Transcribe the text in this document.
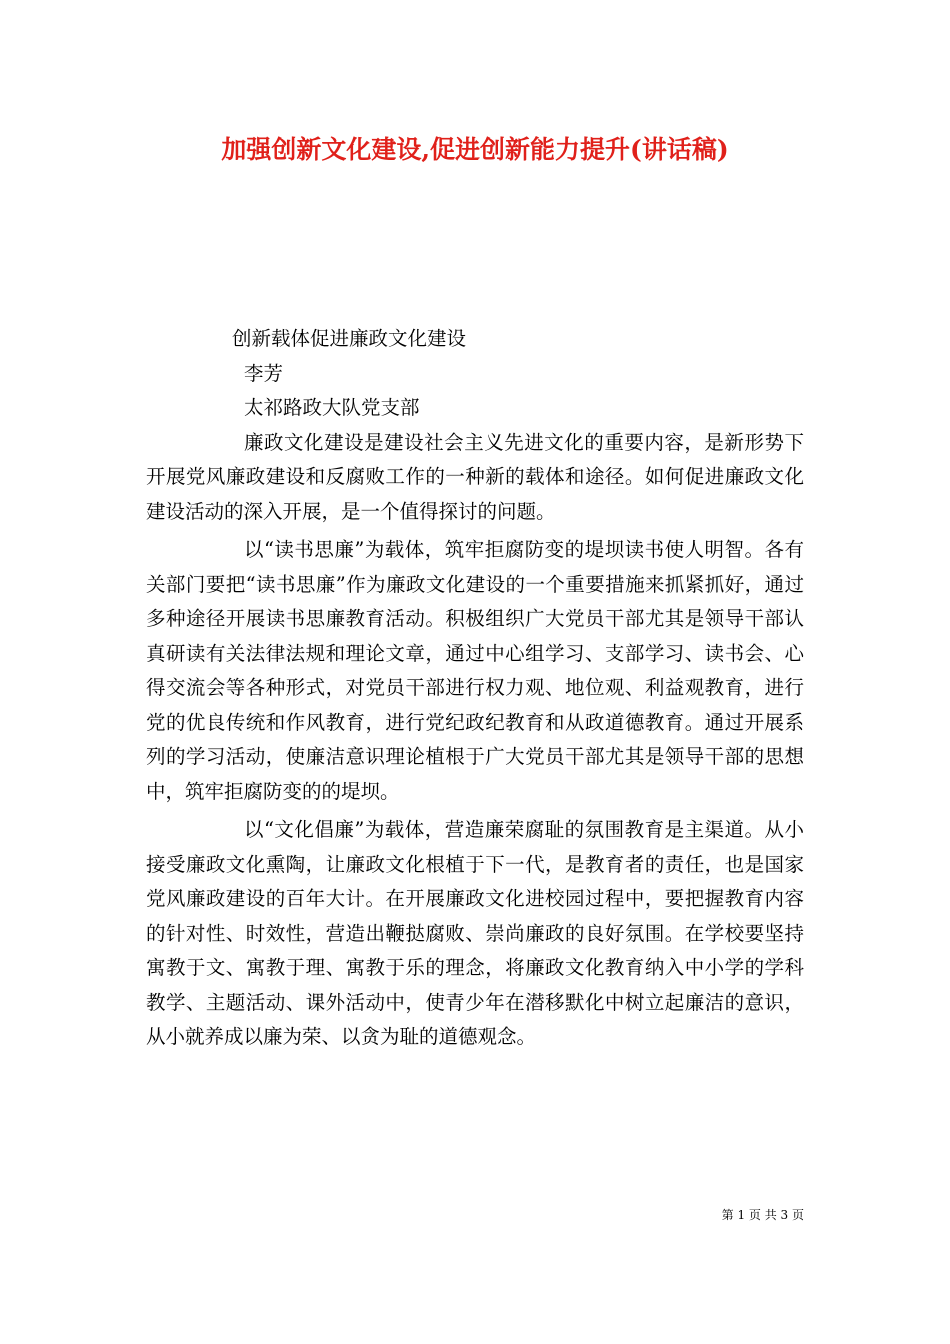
加强创新文化建设,促进创新能力提升(讲话稿)

创新载体促进廉政文化建设

李芳

太祁路政大队党支部

廉政文化建设是建设社会主义先进文化的重要内容，是新形势下开展党风廉政建设和反腐败工作的一种新的载体和途径。如何促进廉政文化建设活动的深入开展，是一个值得探讨的问题。

以“读书思廉”为载体，筑牢拒腐防变的堤坝读书使人明智。各有关部门要把“读书思廉”作为廉政文化建设的一个重要措施来抓紧抓好，通过多种途径开展读书思廉教育活动。积极组织广大党员干部尤其是领导干部认真研读有关法律法规和理论文章，通过中心组学习、支部学习、读书会、心得交流会等各种形式，对党员干部进行权力观、地位观、利益观教育，进行党的优良传统和作风教育，进行党纪政纪教育和从政道德教育。通过开展系列的学习活动，使廉洁意识理论植根于广大党员干部尤其是领导干部的思想中，筑牢拒腐防变的的堤坝。

以“文化倡廉”为载体，营造廉荣腐耻的氛围教育是主渠道。从小接受廉政文化熏陶，让廉政文化根植于下一代，是教育者的责任，也是国家党风廉政建设的百年大计。在开展廉政文化进校园过程中，要把握教育内容的针对性、时效性，营造出鞭挞腐败、崇尚廉政的良好氛围。在学校要坚持寓教于文、寓教于理、寓教于乐的理念，将廉政文化教育纳入中小学的学科教学、主题活动、课外活动中，使青少年在潜移默化中树立起廉洁的意识，从小就养成以廉为荣、以贪为耻的道德观念。

第 1 页 共 3 页
